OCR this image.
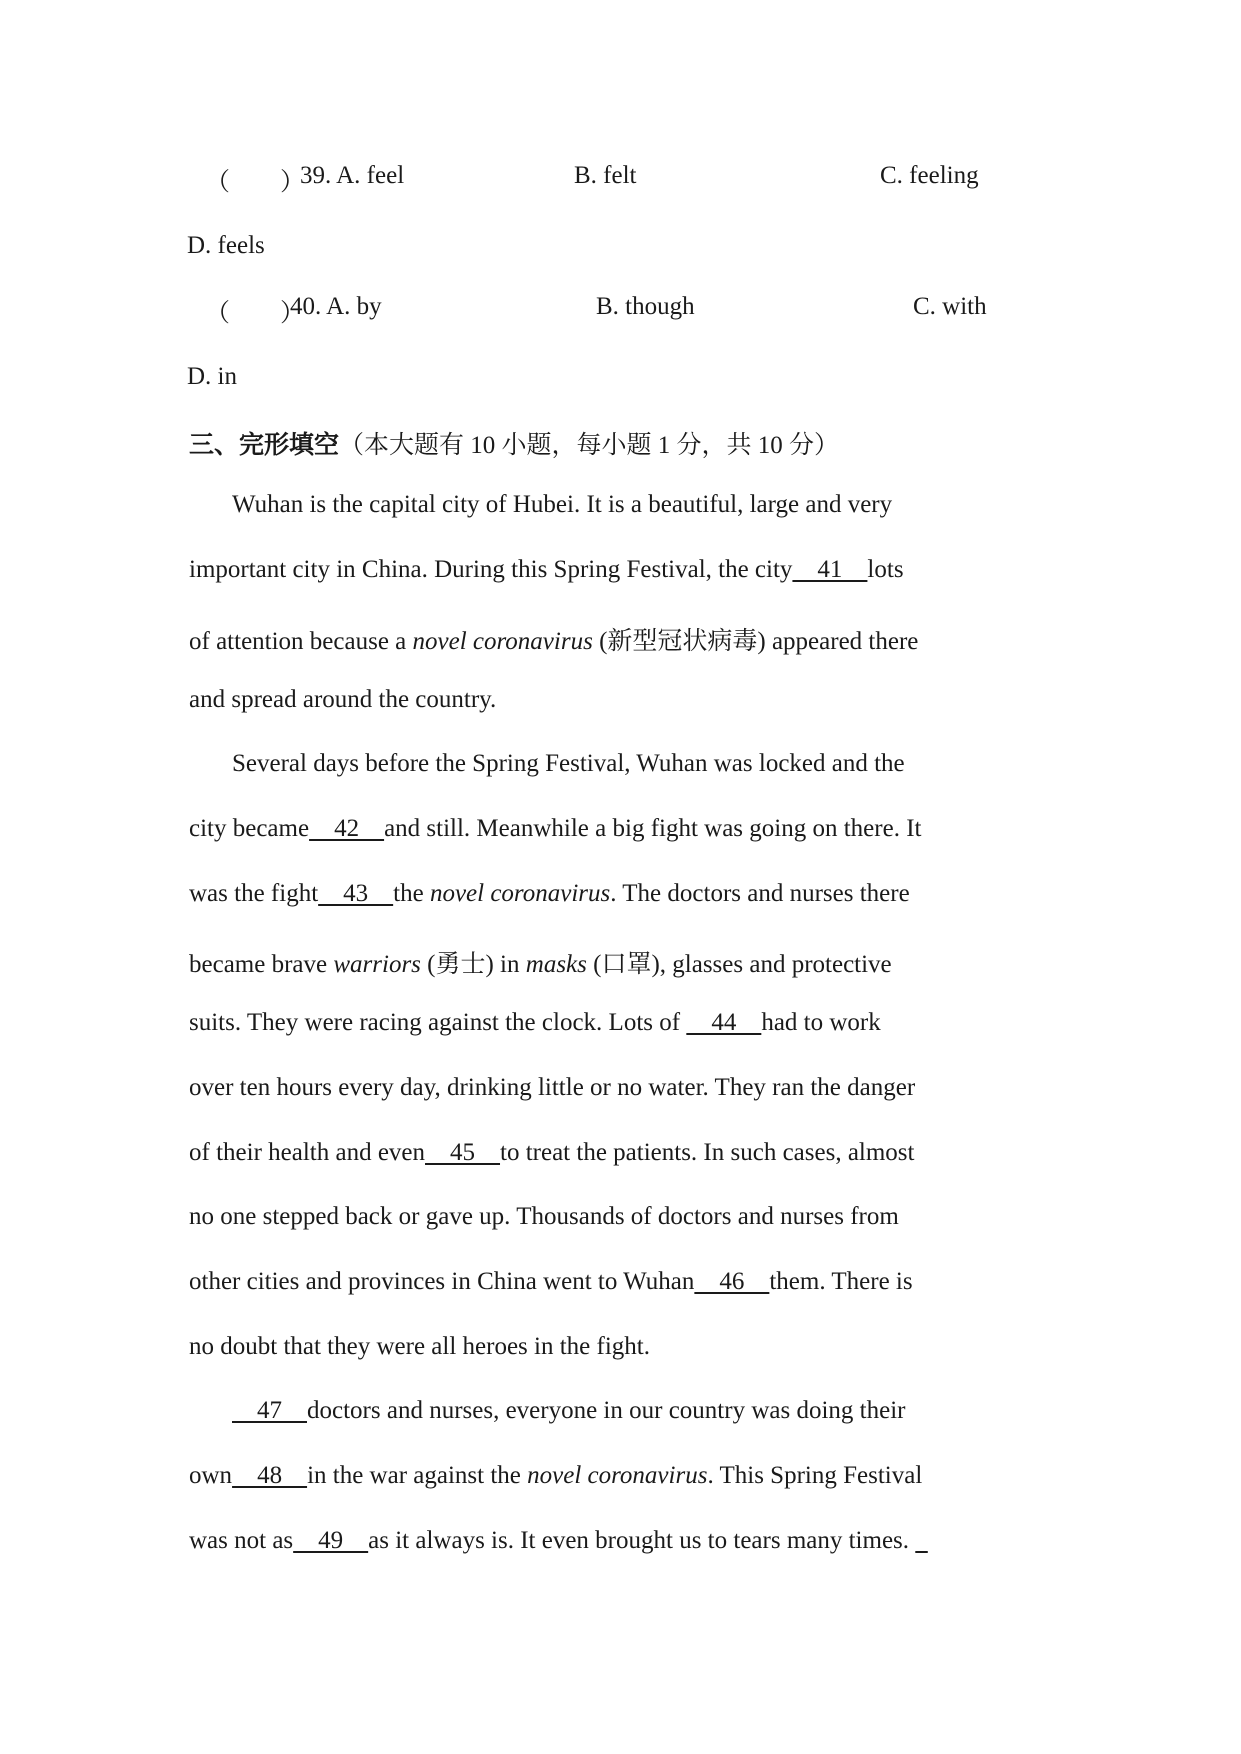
（　　）
39. A. feel	B. felt	C. feeling
D. feels
（　　）
40. A. by	B. though	C. with
D. in
三、完形填空（本大题有 10 小题，每小题 1 分，共 10 分）
Wuhan is the capital city of Hubei. It is a beautiful, large and very
important city in China. During this Spring Festival, the city    41    lots
of attention because a novel coronavirus (新型冠状病毒) appeared there
and spread around the country.
Several days before the Spring Festival, Wuhan was locked and the
city became    42    and still. Meanwhile a big fight was going on there. It
was the fight    43    the novel coronavirus. The doctors and nurses there
became brave warriors (勇士) in masks (口罩), glasses and protective
suits. They were racing against the clock. Lots of     44    had to work
over ten hours every day, drinking little or no water. They ran the danger
of their health and even    45    to treat the patients. In such cases, almost
no one stepped back or gave up. Thousands of doctors and nurses from
other cities and provinces in China went to Wuhan    46    them. There is
no doubt that they were all heroes in the fight.
47    doctors and nurses, everyone in our country was doing their
own    48    in the war against the novel coronavirus. This Spring Festival
was not as    49    as it always is. It even brought us to tears many times.
